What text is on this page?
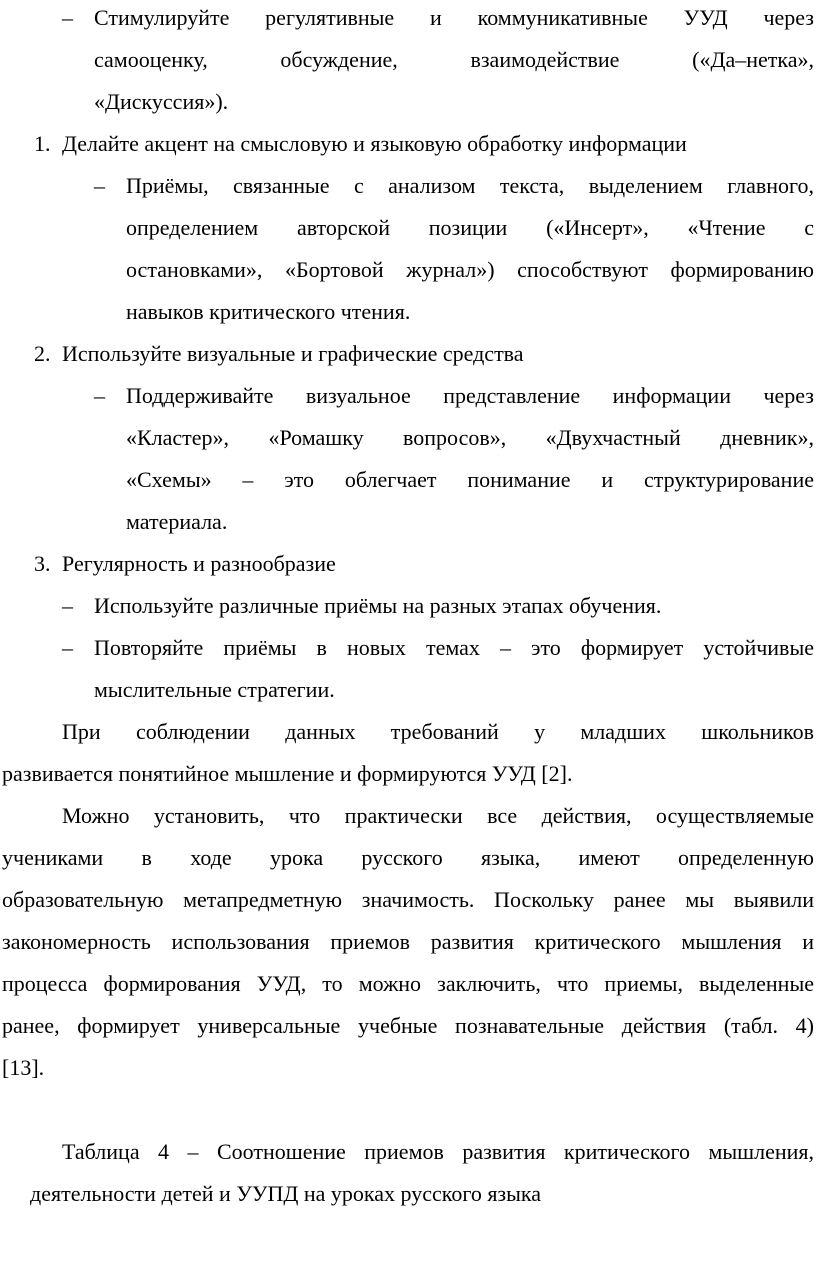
– Стимулируйте регулятивные и коммуникативные УУД через
самооценку, обсуждение, взаимодействие («Да–нетка»,
«Дискуссия»).
1. Делайте акцент на смысловую и языковую обработку информации
– Приёмы, связанные с анализом текста, выделением главного,
определением авторской позиции («Инсерт», «Чтение с
остановками», «Бортовой журнал») способствуют формированию
навыков критического чтения.
2. Используйте визуальные и графические средства
– Поддерживайте визуальное представление информации через
«Кластер», «Ромашку вопросов», «Двухчастный дневник»,
«Схемы» – это облегчает понимание и структурирование
материала.
3. Регулярность и разнообразие
– Используйте различные приёмы на разных этапах обучения.
– Повторяйте приёмы в новых темах – это формирует устойчивые
мыслительные стратегии.
При соблюдении данных требований у младших школьников
развивается понятийное мышление и формируются УУД [2].
Можно установить, что практически все действия, осуществляемые
учениками в ходе урока русского языка, имеют определенную
образовательную метапредметную значимость. Поскольку ранее мы выявили
закономерность использования приемов развития критического мышления и
процесса формирования УУД, то можно заключить, что приемы, выделенные
ранее, формирует универсальные учебные познавательные действия (табл. 4)
[13].
Таблица 4 – Соотношение приемов развития критического мышления,
деятельности детей и УУПД на уроках русского языка
